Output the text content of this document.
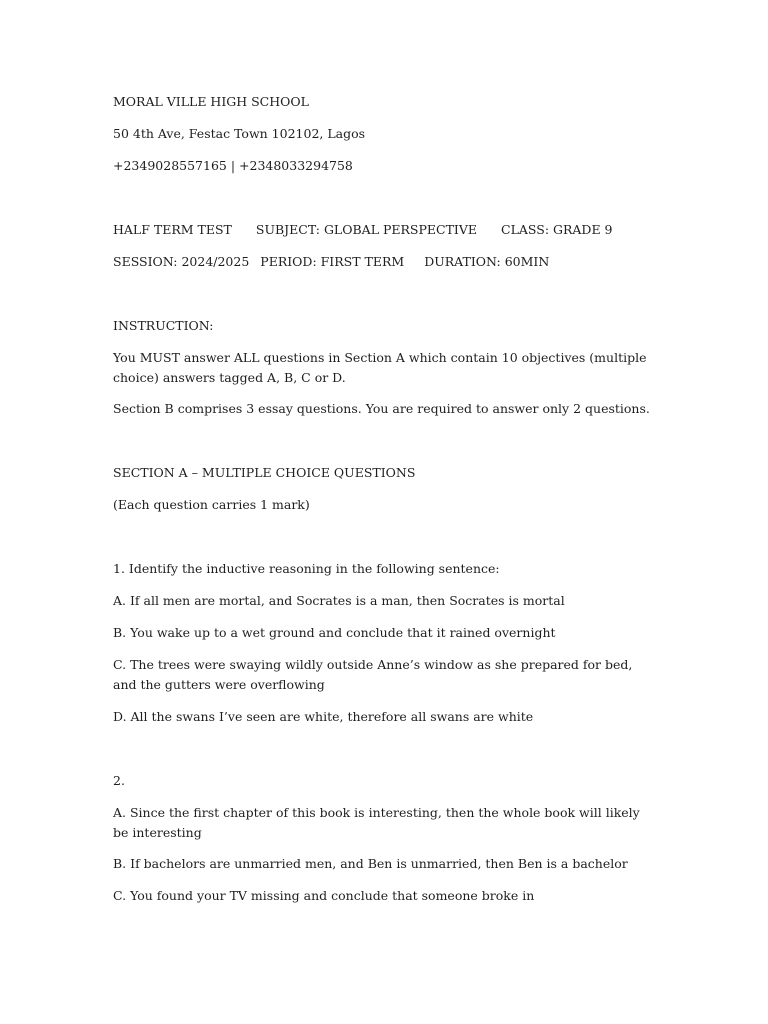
MORAL VILLE HIGH SCHOOL
50 4th Ave, Festac Town 102102, Lagos
+2349028557165 | +2348033294758
HALF TERM TEST SUBJECT: GLOBAL PERSPECTIVE CLASS: GRADE 9
SESSION: 2024/2025 PERIOD: FIRST TERM DURATION: 60MIN
INSTRUCTION:
You MUST answer ALL questions in Section A which contain 10 objectives (multiple choice) answers tagged A, B, C or D.
Section B comprises 3 essay questions. You are required to answer only 2 questions.
SECTION A – MULTIPLE CHOICE QUESTIONS
(Each question carries 1 mark)
1. Identify the inductive reasoning in the following sentence:
A. If all men are mortal, and Socrates is a man, then Socrates is mortal
B. You wake up to a wet ground and conclude that it rained overnight
C. The trees were swaying wildly outside Anne’s window as she prepared for bed, and the gutters were overflowing
D. All the swans I’ve seen are white, therefore all swans are white
2.
A. Since the first chapter of this book is interesting, then the whole book will likely be interesting
B. If bachelors are unmarried men, and Ben is unmarried, then Ben is a bachelor
C. You found your TV missing and conclude that someone broke in
